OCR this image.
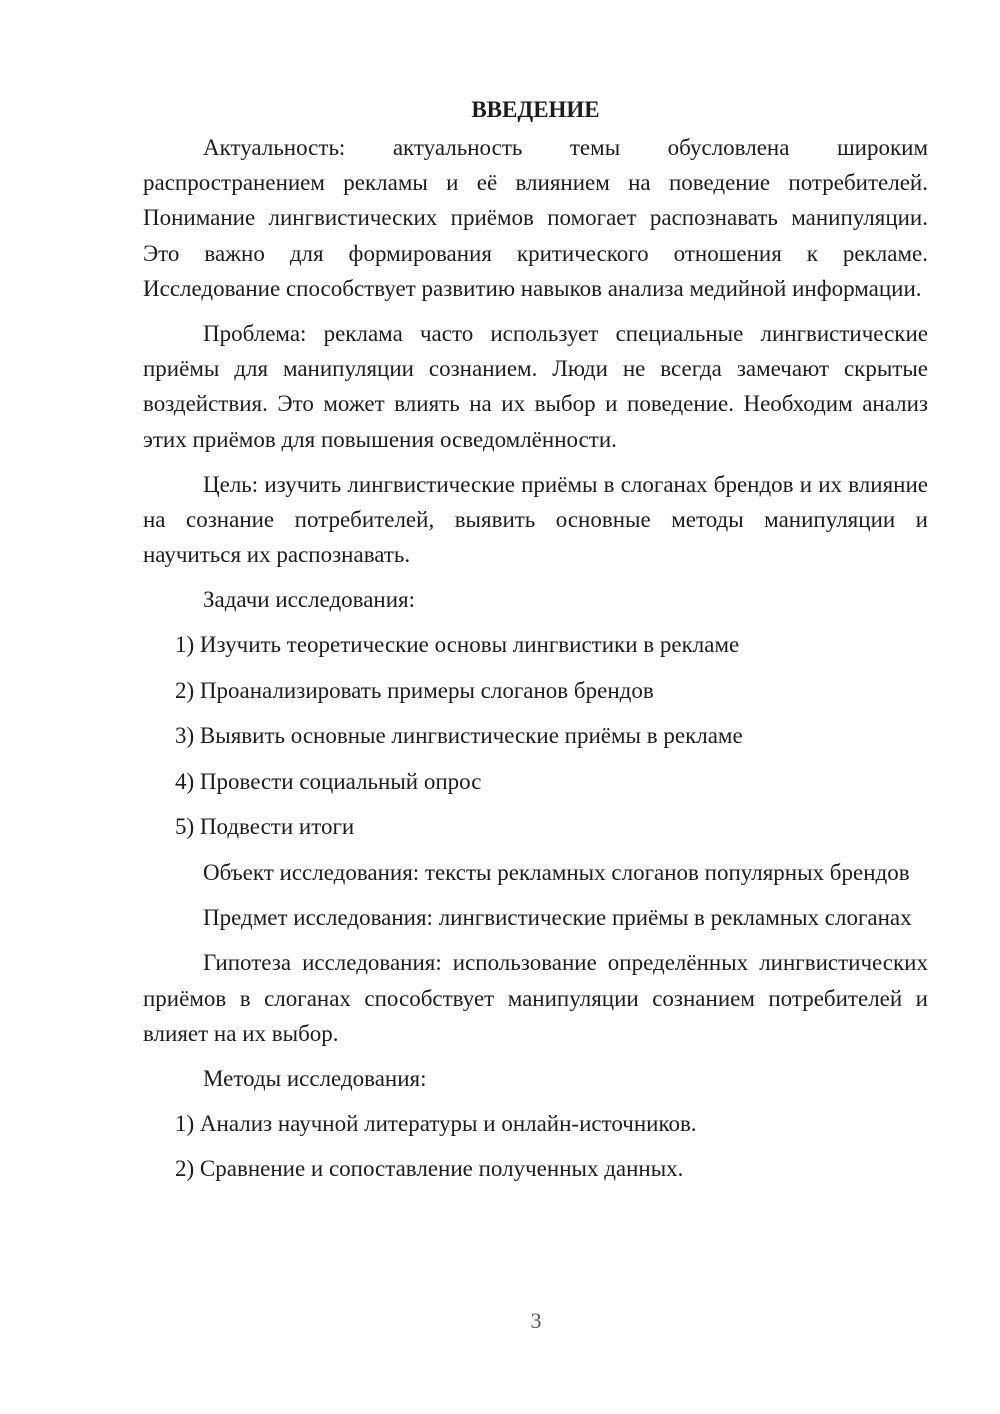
ВВЕДЕНИЕ

Актуальность: актуальность темы обусловлена широким распространением рекламы и её влиянием на поведение потребителей. Понимание лингвистических приёмов помогает распознавать манипуляции. Это важно для формирования критического отношения к рекламе. Исследование способствует развитию навыков анализа медийной информации.

Проблема: реклама часто использует специальные лингвистические приёмы для манипуляции сознанием. Люди не всегда замечают скрытые воздействия. Это может влиять на их выбор и поведение. Необходим анализ этих приёмов для повышения осведомлённости.

Цель: изучить лингвистические приёмы в слоганах брендов и их влияние на сознание потребителей, выявить основные методы манипуляции и научиться их распознавать.

Задачи исследования:
1) Изучить теоретические основы лингвистики в рекламе
2) Проанализировать примеры слоганов брендов
3) Выявить основные лингвистические приёмы в рекламе
4) Провести социальный опрос
5) Подвести итоги

Объект исследования: тексты рекламных слоганов популярных брендов

Предмет исследования: лингвистические приёмы в рекламных слоганах

Гипотеза исследования: использование определённых лингвистических приёмов в слоганах способствует манипуляции сознанием потребителей и влияет на их выбор.

Методы исследования:
1) Анализ научной литературы и онлайн-источников.
2) Сравнение и сопоставление полученных данных.
3
